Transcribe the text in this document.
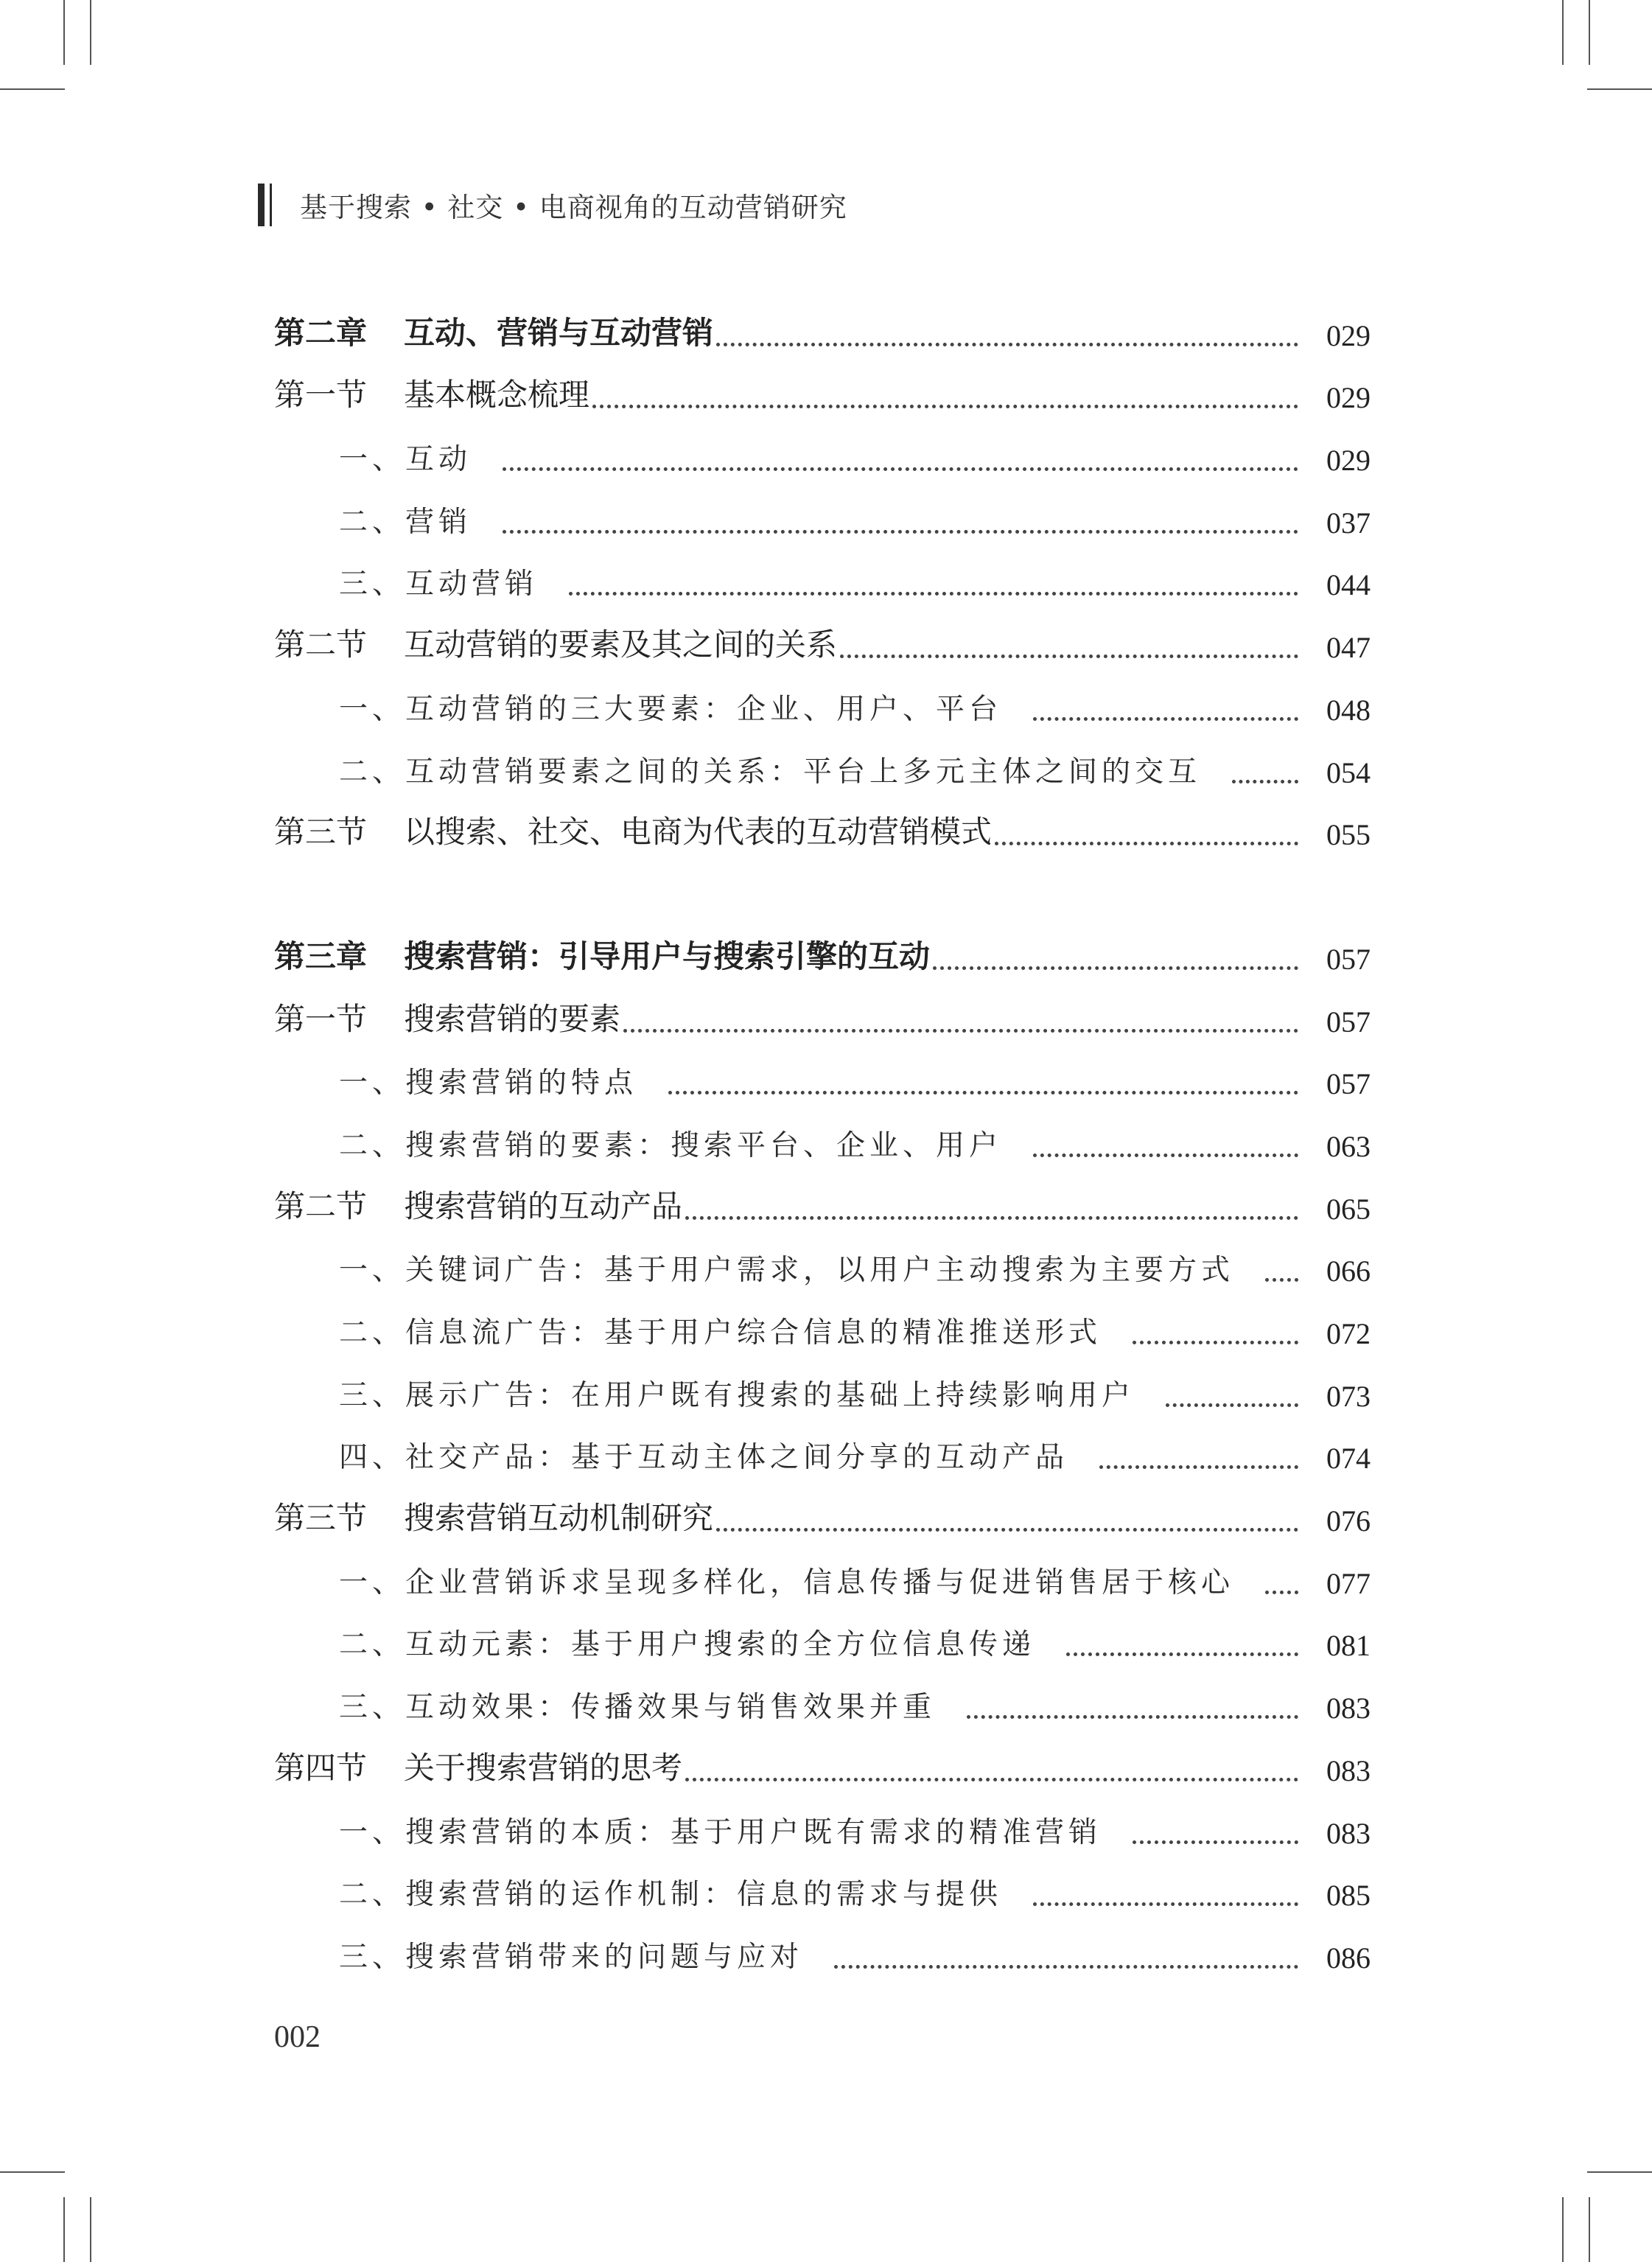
基于搜索 • 社交 • 电商视角的互动营销研究
第二章	互动、营销与互动营销	029
第一节	基本概念梳理	029
一、互动	029
二、营销	037
三、互动营销	044
第二节	互动营销的要素及其之间的关系	047
一、互动营销的三大要素：企业、用户、平台	048
二、互动营销要素之间的关系：平台上多元主体之间的交互	054
第三节	以搜索、社交、电商为代表的互动营销模式	055
第三章	搜索营销：引导用户与搜索引擎的互动	057
第一节	搜索营销的要素	057
一、搜索营销的特点	057
二、搜索营销的要素：搜索平台、企业、用户	063
第二节	搜索营销的互动产品	065
一、关键词广告：基于用户需求，以用户主动搜索为主要方式	066
二、信息流广告：基于用户综合信息的精准推送形式	072
三、展示广告：在用户既有搜索的基础上持续影响用户	073
四、社交产品：基于互动主体之间分享的互动产品	074
第三节	搜索营销互动机制研究	076
一、企业营销诉求呈现多样化，信息传播与促进销售居于核心	077
二、互动元素：基于用户搜索的全方位信息传递	081
三、互动效果：传播效果与销售效果并重	083
第四节	关于搜索营销的思考	083
一、搜索营销的本质：基于用户既有需求的精准营销	083
二、搜索营销的运作机制：信息的需求与提供	085
三、搜索营销带来的问题与应对	086
002
